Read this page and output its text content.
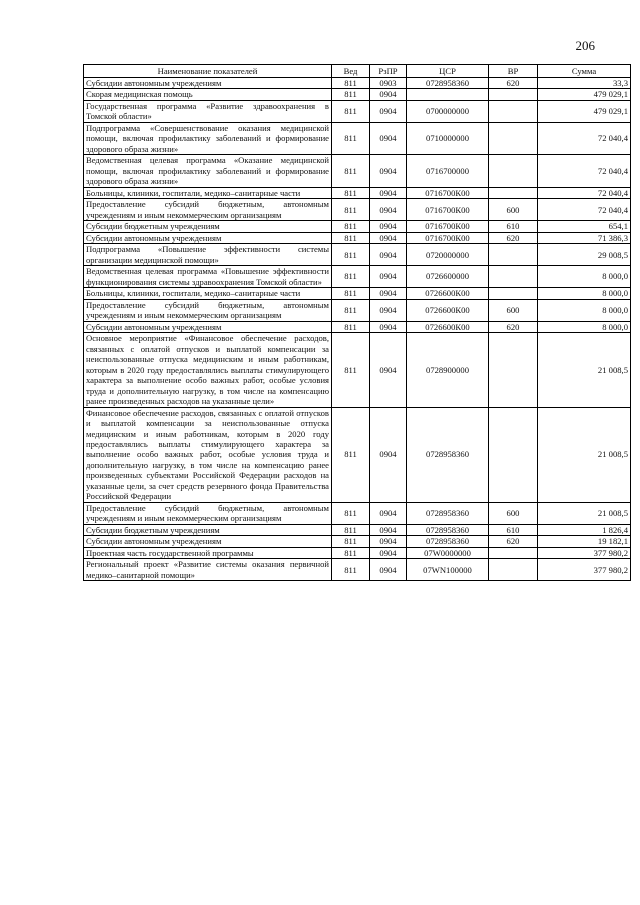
206
Наименование показателей	Вед	РзПР	ЦСР	ВР	Сумма
Субсидии автономным учреждениям	811	0903	0728958360	620	33,3
Скорая медицинская помощь	811	0904			479 029,1
Государственная программа «Развитие здравоохранения в Томской области»	811	0904	0700000000		479 029,1
Подпрограмма «Совершенствование оказания медицинской помощи, включая профилактику заболеваний и формирование здорового образа жизни»	811	0904	0710000000		72 040,4
Ведомственная целевая программа «Оказание медицинской помощи, включая профилактику заболеваний и формирование здорового образа жизни»	811	0904	0716700000		72 040,4
Больницы, клиники, госпитали, медико–санитарные части	811	0904	0716700К00		72 040,4
Предоставление субсидий бюджетным, автономным учреждениям и иным некоммерческим организациям	811	0904	0716700К00	600	72 040,4
Субсидии бюджетным учреждениям	811	0904	0716700К00	610	654,1
Субсидии автономным учреждениям	811	0904	0716700К00	620	71 386,3
Подпрограмма «Повышение эффективности системы организации медицинской помощи»	811	0904	0720000000		29 008,5
Ведомственная целевая программа «Повышение эффективности функционирования системы здравоохранения Томской области»	811	0904	0726600000		8 000,0
Больницы, клиники, госпитали, медико–санитарные части	811	0904	0726600К00		8 000,0
Предоставление субсидий бюджетным, автономным учреждениям и иным некоммерческим организациям	811	0904	0726600К00	600	8 000,0
Субсидии автономным учреждениям	811	0904	0726600К00	620	8 000,0
Основное мероприятие «Финансовое обеспечение расходов, связанных с оплатой отпусков и выплатой компенсации за неиспользованные отпуска медицинским и иным работникам, которым в 2020 году предоставлялись выплаты стимулирующего характера за выполнение особо важных работ, особые условия труда и дополнительную нагрузку, в том числе на компенсацию ранее произведенных расходов на указанные цели»	811	0904	0728900000		21 008,5
Финансовое обеспечение расходов, связанных с оплатой отпусков и выплатой компенсации за неиспользованные отпуска медицинским и иным работникам, которым в 2020 году предоставлялись выплаты стимулирующего характера за выполнение особо важных работ, особые условия труда и дополнительную нагрузку, в том числе на компенсацию ранее произведенных субъектами Российской Федерации расходов на указанные цели, за счет средств резервного фонда Правительства Российской Федерации	811	0904	0728958360		21 008,5
Предоставление субсидий бюджетным, автономным учреждениям и иным некоммерческим организациям	811	0904	0728958360	600	21 008,5
Субсидии бюджетным учреждениям	811	0904	0728958360	610	1 826,4
Субсидии автономным учреждениям	811	0904	0728958360	620	19 182,1
Проектная часть государственной программы	811	0904	07W0000000		377 980,2
Региональный проект «Развитие системы оказания первичной медико–санитарной помощи»	811	0904	07WN100000		377 980,2
